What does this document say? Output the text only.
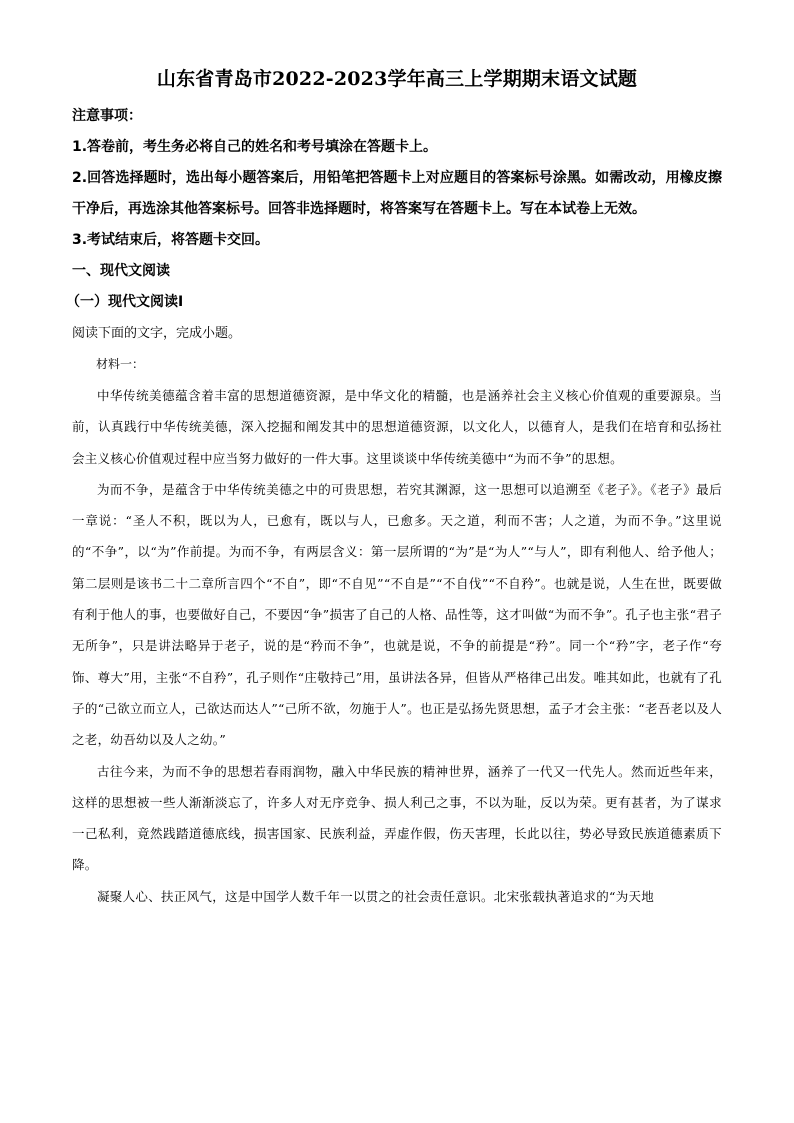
山东省青岛市2022-2023学年高三上学期期末语文试题

注意事项：

1.答卷前，考生务必将自己的姓名和考号填涂在答题卡上。

2.回答选择题时，选出每小题答案后，用铅笔把答题卡上对应题目的答案标号涂黑。如需改动，用橡皮擦干净后，再选涂其他答案标号。回答非选择题时，将答案写在答题卡上。写在本试卷上无效。

3.考试结束后，将答题卡交回。

一、现代文阅读

（一）现代文阅读Ⅰ

阅读下面的文字，完成小题。

材料一：

中华传统美德蕴含着丰富的思想道德资源，是中华文化的精髓，也是涵养社会主义核心价值观的重要源泉。当前，认真践行中华传统美德，深入挖掘和阐发其中的思想道德资源，以文化人，以德育人，是我们在培育和弘扬社会主义核心价值观过程中应当努力做好的一件大事。这里谈谈中华传统美德中“为而不争”的思想。

为而不争，是蕴含于中华传统美德之中的可贵思想，若究其渊源，这一思想可以追溯至《老子》。《老子》最后一章说：“圣人不积，既以为人，已愈有，既以与人，已愈多。天之道，利而不害；人之道，为而不争。”这里说的“不争”，以“为”作前提。为而不争，有两层含义：第一层所谓的“为”是“为人”“与人”，即有利他人、给予他人；第二层则是该书二十二章所言四个“不自”，即“不自见”“不自是”“不自伐”“不自矜”。也就是说，人生在世，既要做有利于他人的事，也要做好自己，不要因“争”损害了自己的人格、品性等，这才叫做“为而不争”。孔子也主张“君子无所争”，只是讲法略异于老子，说的是“矜而不争”，也就是说，不争的前提是“矜”。同一个“矜”字，老子作“夸饰、尊大”用，主张“不自矜”，孔子则作“庄敬持己”用，虽讲法各异，但皆从严格律己出发。唯其如此，也就有了孔子的“己欲立而立人，己欲达而达人”“己所不欲，勿施于人”。也正是弘扬先贤思想，孟子才会主张：“老吾老以及人之老，幼吾幼以及人之幼。”

古往今来，为而不争的思想若春雨润物，融入中华民族的精神世界，涵养了一代又一代先人。然而近些年来，这样的思想被一些人渐渐淡忘了，许多人对无序竞争、损人利己之事，不以为耻，反以为荣。更有甚者，为了谋求一己私利，竟然践踏道德底线，损害国家、民族利益，弄虚作假，伤天害理，长此以往，势必导致民族道德素质下降。

凝聚人心、扶正风气，这是中国学人数千年一以贯之的社会责任意识。北宋张载执著追求的“为天地
